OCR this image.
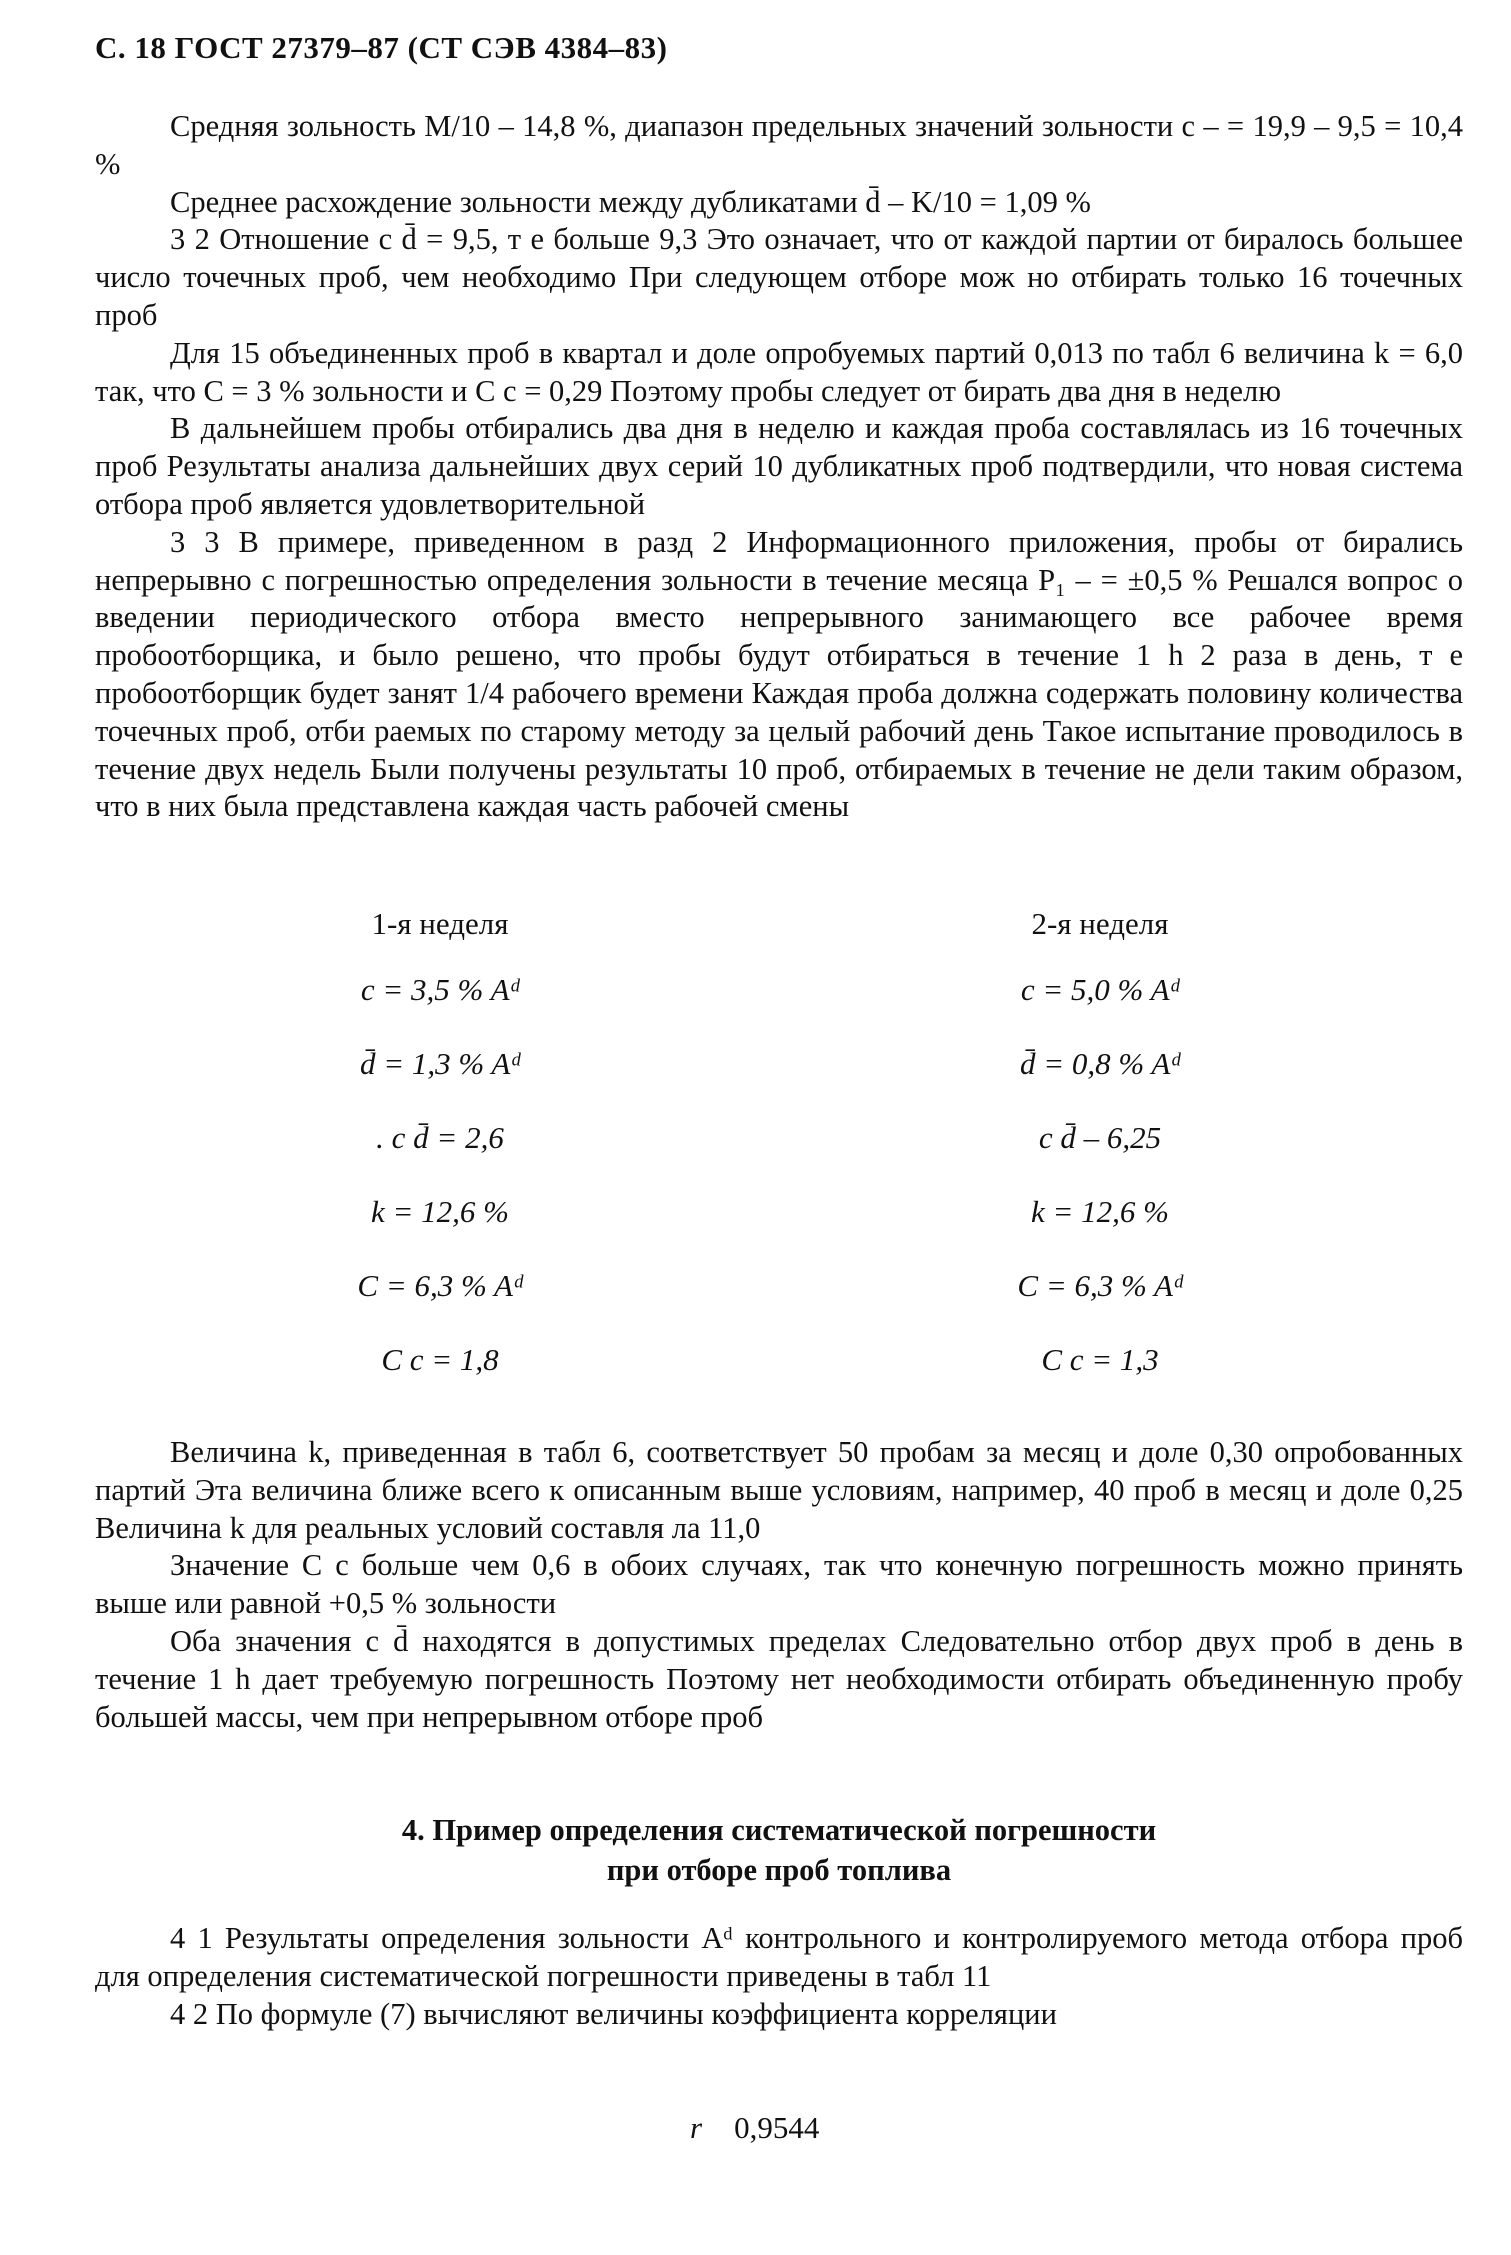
С. 18 ГОСТ 27379–87 (СТ СЭВ 4384–83)

Средняя зольность M/10 – 14,8 %, диапазон предельных значений зольности c – = 19,9 – 9,5 = 10,4 %

Среднее расхождение зольности между дубликатами d̄ – K/10 = 1,09 %

3 2 Отношение c d̄ = 9,5, т е больше 9,3 Это означает, что от каждой партии от биралось большее число точечных проб, чем необходимо При следующем отборе мож но отбирать только 16 точечных проб

Для 15 объединенных проб в квартал и доле опробуемых партий 0,013 по табл 6 величина k = 6,0 так, что C = 3 % зольности и C c = 0,29 Поэтому пробы следует от бирать два дня в неделю

В дальнейшем пробы отбирались два дня в неделю и каждая проба составлялась из 16 точечных проб Результаты анализа дальнейших двух серий 10 дубликатных проб подтвердили, что новая система отбора проб является удовлетворительной

3 3 В примере, приведенном в разд 2 Информационного приложения, пробы от бирались непрерывно с погрешностью определения зольности в течение месяца P₁ – = ±0,5 % Решался вопрос о введении периодического отбора вместо непрерывного занимающего все рабочее время пробоотборщика, и было решено, что пробы будут отбираться в течение 1 h 2 раза в день, т е пробоотборщик будет занят 1/4 рабочего времени Каждая проба должна содержать половину количества точечных проб, отби раемых по старому методу за целый рабочий день Такое испытание проводилось в течение двух недель Были получены результаты 10 проб, отбираемых в течение не дели таким образом, что в них была представлена каждая часть рабочей смены

1-я неделя
c = 3,5 % Aᵈ
d̄ = 1,3 % Aᵈ
. c d̄ = 2,6
k = 12,6 %
C = 6,3 % Aᵈ
C c = 1,8
2-я неделя
c = 5,0 % Aᵈ
d̄ = 0,8 % Aᵈ
c d̄ – 6,25
k = 12,6 %
C = 6,3 % Aᵈ
C c = 1,3

Величина k, приведенная в табл 6, соответствует 50 пробам за месяц и доле 0,30 опробованных партий Эта величина ближе всего к описанным выше условиям, например, 40 проб в месяц и доле 0,25 Величина k для реальных условий составля ла 11,0

Значение C c больше чем 0,6 в обоих случаях, так что конечную погрешность можно принять выше или равной +0,5 % зольности

Оба значения c d̄ находятся в допустимых пределах Следовательно отбор двух проб в день в течение 1 h дает требуемую погрешность Поэтому нет необходимости отбирать объединенную пробу большей массы, чем при непрерывном отборе проб

4. Пример определения систематической погрешности
при отборе проб топлива

4 1 Результаты определения зольности Aᵈ контрольного и контролируемого метода отбора проб для определения систематической погрешности приведены в табл 11

4 2 По формуле (7) вычисляют величины коэффициента корреляции

r 0,9544
